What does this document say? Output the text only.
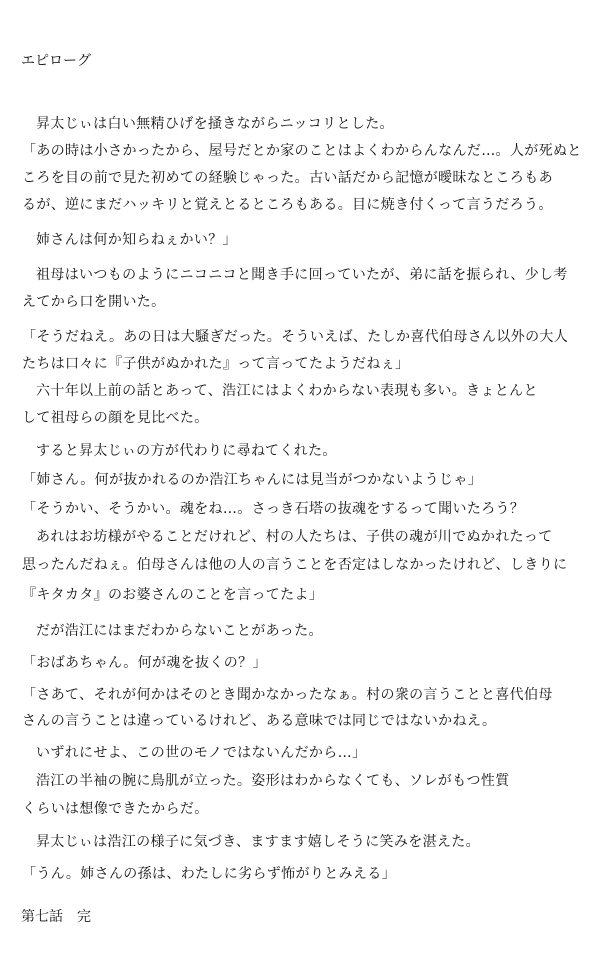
エピローグ
昇太じぃは白い無精ひげを掻きながらニッコリとした。
「あの時は小さかったから、屋号だとか家のことはよくわからんなんだ…。人が死ぬと
ころを目の前で見た初めての経験じゃった。古い話だから記憶が曖昧なところもあ
るが、逆にまだハッキリと覚えとるところもある。目に焼き付くって言うだろう。
姉さんは何か知らねぇかい？」
祖母はいつものようにニコニコと聞き手に回っていたが、弟に話を振られ、少し考
えてから口を開いた。
「そうだねえ。あの日は大騒ぎだった。そういえば、たしか喜代伯母さん以外の大人
たちは口々に『子供がぬかれた』って言ってたようだねぇ」
六十年以上前の話とあって、浩江にはよくわからない表現も多い。きょとんと
して祖母らの顔を見比べた。
すると昇太じぃの方が代わりに尋ねてくれた。
「姉さん。何が抜かれるのか浩江ちゃんには見当がつかないようじゃ」
「そうかい、そうかい。魂をね…。さっき石塔の抜魂をするって聞いたろう？
あれはお坊様がやることだけれど、村の人たちは、子供の魂が川でぬかれたって
思ったんだねぇ。伯母さんは他の人の言うことを否定はしなかったけれど、しきりに
『キタカタ』のお婆さんのことを言ってたよ」
だが浩江にはまだわからないことがあった。
「おばあちゃん。何が魂を抜くの？」
「さあて、それが何かはそのとき聞かなかったなぁ。村の衆の言うことと喜代伯母
さんの言うことは違っているけれど、ある意味では同じではないかねえ。
いずれにせよ、この世のモノではないんだから…」
浩江の半袖の腕に鳥肌が立った。姿形はわからなくても、ソレがもつ性質
くらいは想像できたからだ。
昇太じぃは浩江の様子に気づき、ますます嬉しそうに笑みを湛えた。
「うん。姉さんの孫は、わたしに劣らず怖がりとみえる」
第七話　完
